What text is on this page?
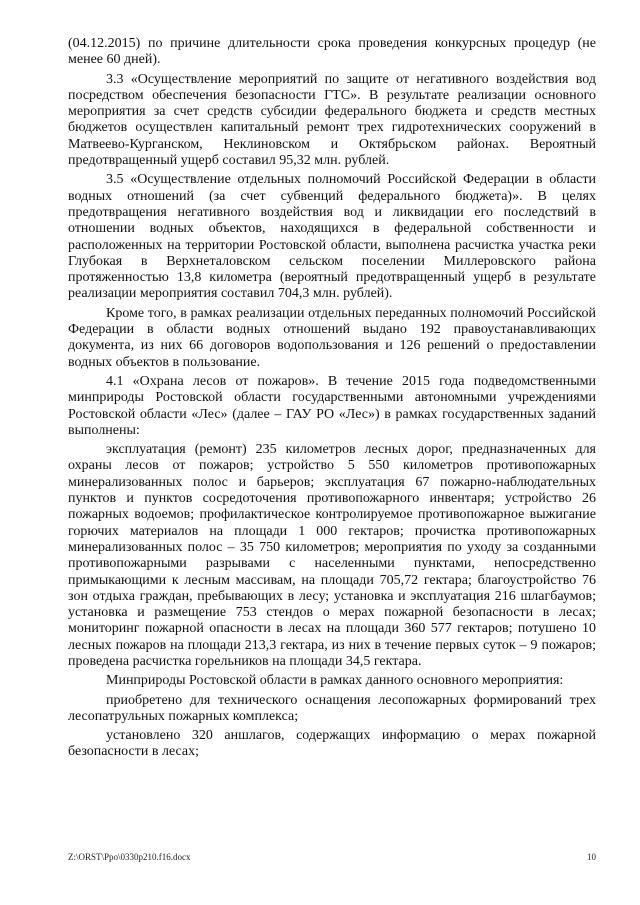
(04.12.2015) по причине длительности срока проведения конкурсных процедур (не менее 60 дней).

3.3 «Осуществление мероприятий по защите от негативного воздействия вод посредством обеспечения безопасности ГТС». В результате реализации основного мероприятия за счет средств субсидии федерального бюджета и средств местных бюджетов осуществлен капитальный ремонт трех гидротехнических сооружений в Матвеево-Курганском, Неклиновском и Октябрьском районах. Вероятный предотвращенный ущерб составил 95,32 млн. рублей.

3.5 «Осуществление отдельных полномочий Российской Федерации в области водных отношений (за счет субвенций федерального бюджета)». В целях предотвращения негативного воздействия вод и ликвидации его последствий в отношении водных объектов, находящихся в федеральной собственности и расположенных на территории Ростовской области, выполнена расчистка участка реки Глубокая в Верхнеталовском сельском поселении Миллеровского района протяженностью 13,8 километра (вероятный предотвращенный ущерб в результате реализации мероприятия составил 704,3 млн. рублей).

Кроме того, в рамках реализации отдельных переданных полномочий Российской Федерации в области водных отношений выдано 192 правоустанавливающих документа, из них 66 договоров водопользования и 126 решений о предоставлении водных объектов в пользование.

4.1 «Охрана лесов от пожаров». В течение 2015 года подведомственными минприроды Ростовской области государственными автономными учреждениями Ростовской области «Лес» (далее – ГАУ РО «Лес») в рамках государственных заданий выполнены:

эксплуатация (ремонт) 235 километров лесных дорог, предназначенных для охраны лесов от пожаров; устройство 5 550 километров противопожарных минерализованных полос и барьеров; эксплуатация 67 пожарно-наблюдательных пунктов и пунктов сосредоточения противопожарного инвентаря; устройство 26 пожарных водоемов; профилактическое контролируемое противопожарное выжигание горючих материалов на площади 1 000 гектаров; прочистка противопожарных минерализованных полос – 35 750 километров; мероприятия по уходу за созданными противопожарными разрывами с населенными пунктами, непосредственно примыкающими к лесным массивам, на площади 705,72 гектара; благоустройство 76 зон отдыха граждан, пребывающих в лесу; установка и эксплуатация 216 шлагбаумов; установка и размещение 753 стендов о мерах пожарной безопасности в лесах; мониторинг пожарной опасности в лесах на площади 360 577 гектаров; потушено 10 лесных пожаров на площади 213,3 гектара, из них в течение первых суток – 9 пожаров; проведена расчистка горельников на площади 34,5 гектара.

Минприроды Ростовской области в рамках данного основного мероприятия:

приобретено для технического оснащения лесопожарных формирований трех лесопатрульных пожарных комплекса;

установлено 320 аншлагов, содержащих информацию о мерах пожарной безопасности в лесах;

Z:\ORST\Ppo\0330p210.f16.docx	10
